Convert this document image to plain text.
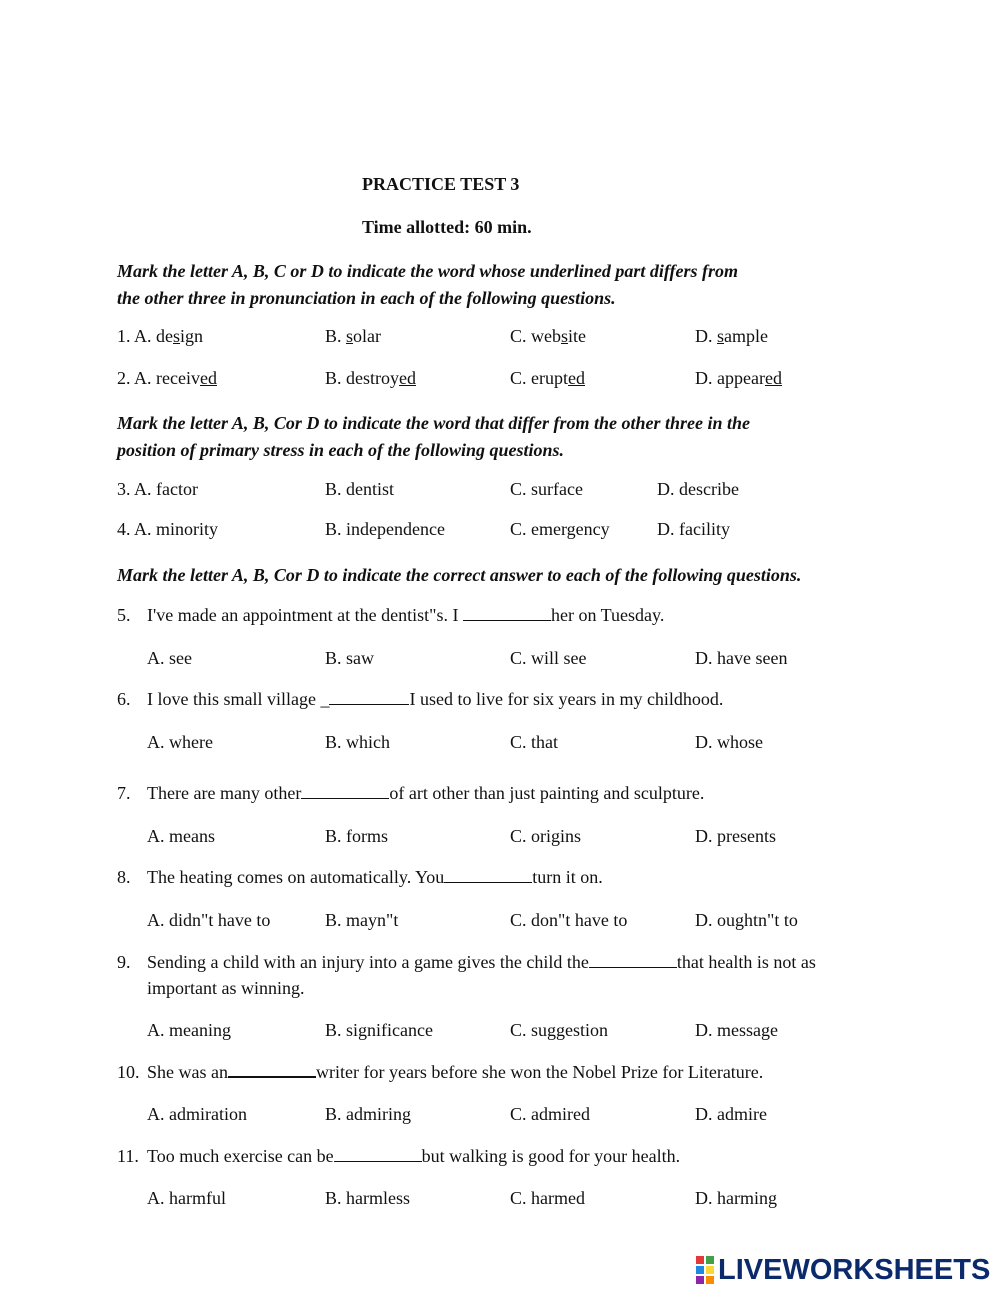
PRACTICE TEST 3
Time allotted: 60 min.
Mark the letter A, B, C or D to indicate the word whose underlined part differs from
the other three in pronunciation in each of the following questions.
1. A. design	B. solar	C. website	D. sample
2. A. received	B. destroyed	C. erupted	D. appeared
Mark the letter A, B, Cor D to indicate the word that differ from the other three in the
position of primary stress in each of the following questions.
3. A. factor	B. dentist	C. surface	D. describe
4. A. minority	B. independence	C. emergency	D. facility
Mark the letter A, B, Cor D to indicate the correct answer to each of the following questions.
5. I've made an appointment at the dentist"s. I	her on Tuesday.
A. see	B. saw	C. will see	D. have seen
6. I love this small village _	I used to live for six years in my childhood.
A. where	B. which	C. that	D. whose
7. There are many other	of art other than just painting and sculpture.
A. means	B. forms	C. origins	D. presents
8. The heating comes on automatically. You	turn it on.
A. didn"t have to	B. mayn"t	C. don"t have to	D. oughtn"t to
9. Sending a child with an injury into a game gives the child the	that health is not as important as winning.
A. meaning	B. significance	C. suggestion	D. message
10. She was an	writer for years before she won the Nobel Prize for Literature.
A. admiration	B. admiring	C. admired	D. admire
11. Too much exercise can be	but walking is good for your health.
A. harmful	B. harmless	C. harmed	D. harming
LIVEWORKSHEETS
